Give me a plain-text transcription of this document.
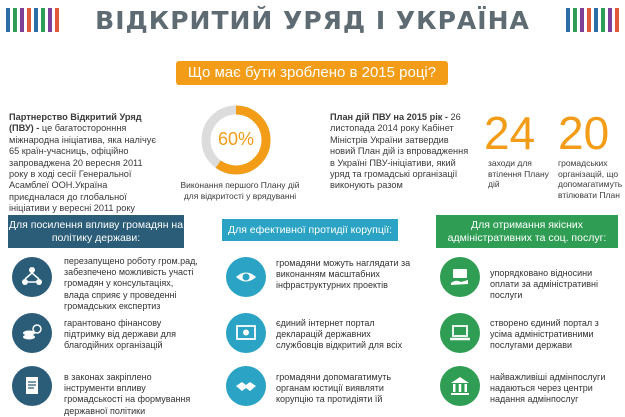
ВІДКРИТИЙ УРЯД І УКРАЇНА
Що має бути зроблено в 2015 році?
Партнерство Відкритий Уряд (ПВУ) - це багатосторонння міжнародна ініціатива, яка налічує 65 країн-учасниць, офіційно запроваджена 20 вересня 2011 року в ході сесії Генеральної Асамблеї ООН.Україна приєдналася до глобальної ініціативи у вересні 2011 року
60%
Виконання першого Плану дій для відкритості у врядуванні
План дій ПВУ на 2015 рік - 26 листопада 2014 року Кабінет Міністрів України затвердив новий План дій із впровадження в Україні ПВУ-ініціативи, який уряд та громадські організації виконують разом
24
заходи для втілення Плану дій
20
громадських організацій, що допомагатимуть втілювати План
Для посилення впливу громадян на політику держави:
Для ефективної протидії корупції:	Для отримання якісних адміністративних та соц. послуг:
перезапущено роботу гром.рад, забезпечено можливість участі громадян у консультаціях, влада сприяє у проведенні громадських експертиз
гарантовано фінансову підтримку від держави для благодійних організацій
в законах закріплено інструменти впливу громадськості на формування державної політики
громадяни можуть наглядати за виконанням масштабних інфраструктурних проектів
єдиний інтернет портал декларацій державних службовців відкритий для всіх
громадяни допомагатимуть органам юстиції виявляти корупцію та протидіяти їй
упорядковано відносини оплати за адміністративні послуги
створено єдиний портал з усіма адміністративними послугами держави
найважливіші адмінпослуги надаються через центри надання адмінпослуг
